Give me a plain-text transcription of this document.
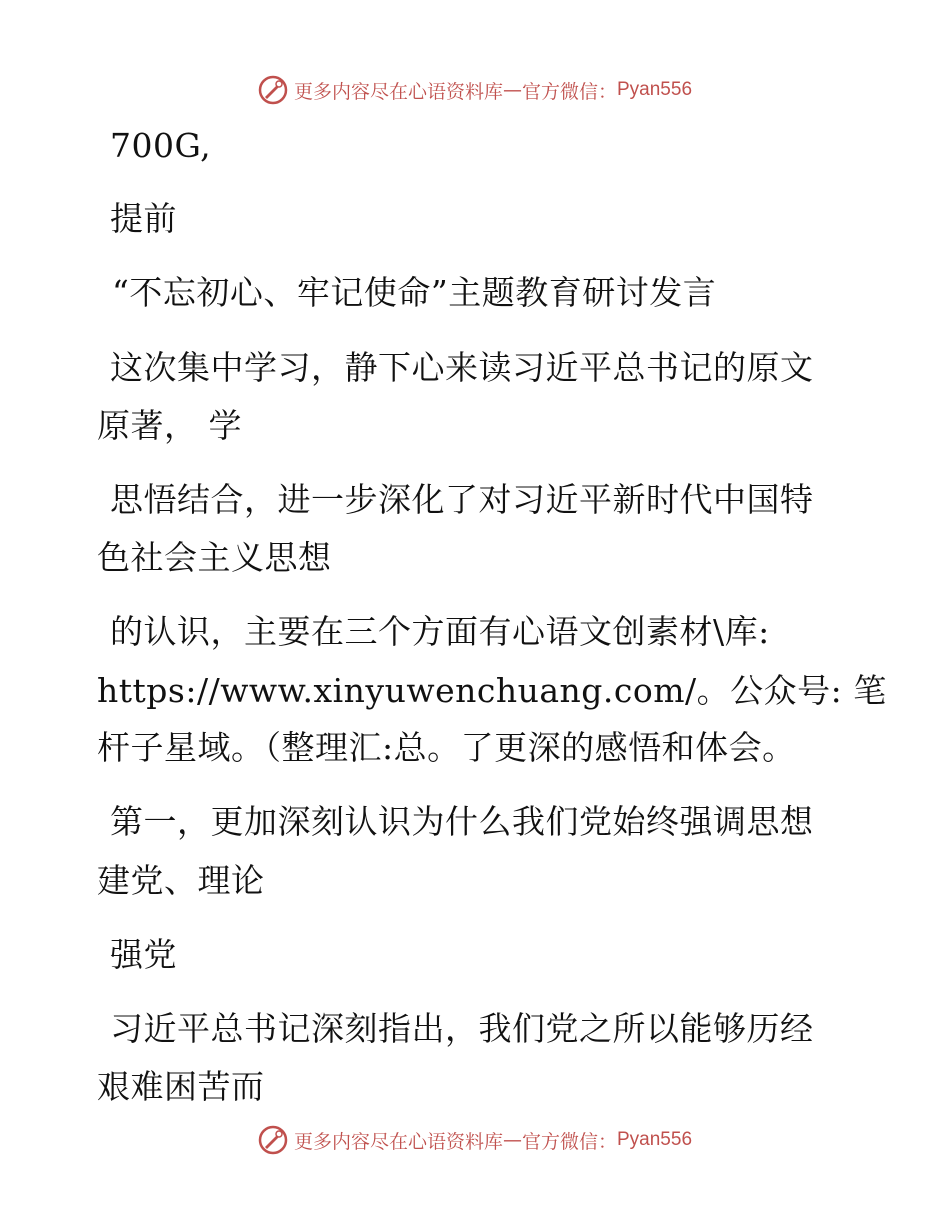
更多内容尽在心语资料库 — 官方微信： Pyan556
700G,
提前
“不忘初心、牢记使命”主题教育研讨发言
这次集中学习，静下心来读习近平总书记的原文
原著， 学
思悟结合，进一步深化了对习近平新时代中国特
色社会主义思想
的认识，主要在三个方面有心语文创素材\库:
https://www.xinyuwenchuang.com/。公众号: 笔
杆子星域。（整理汇:总。了更深的感悟和体会。
第一，更加深刻认识为什么我们党始终强调思想
建党、理论
强党
习近平总书记深刻指出，我们党之所以能够历经
艰难困苦而
更多内容尽在心语资料库 — 官方微信： Pyan556
